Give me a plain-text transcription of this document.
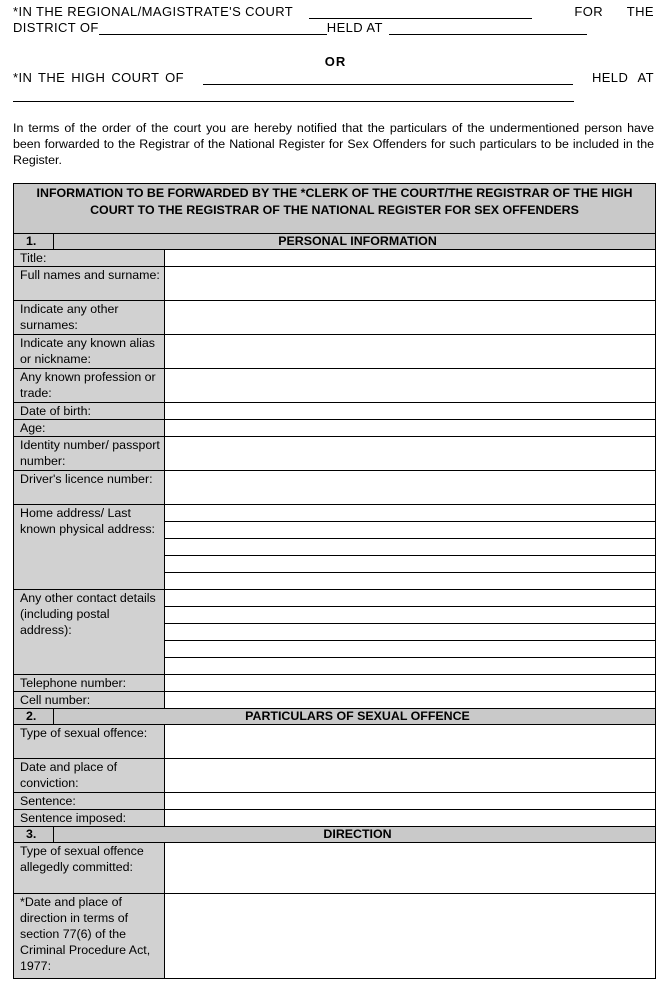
*IN THE REGIONAL/MAGISTRATE'S COURT	FOR THE
DISTRICT OF	HELD AT
OR
*IN THE HIGH COURT OF	HELD AT
In terms of the order of the court you are hereby notified that the particulars of the undermentioned person have been forwarded to the Registrar of the National Register for Sex Offenders for such particulars to be included in the Register.
INFORMATION TO BE FORWARDED BY THE *CLERK OF THE COURT/THE REGISTRAR OF THE HIGH COURT TO THE REGISTRAR OF THE NATIONAL REGISTER FOR SEX OFFENDERS		
1.	PERSONAL INFORMATION	
Title:		
Full names and surname:		
Indicate any other surnames:		
Indicate any known alias or nickname:		
Any known profession or trade:		
Date of birth:		
Age:		
Identity number/ passport number:		
Driver's licence number:		
Home address/ Last known physical address:		

Any other contact details (including postal address):		

Telephone number:		
Cell number:		
2.	PARTICULARS OF SEXUAL OFFENCE	
Type of sexual offence:		
Date and place of conviction:		
Sentence:		
Sentence imposed:		
3.	DIRECTION	
Type of sexual offence allegedly committed:		
*Date and place of direction in terms of section 77(6) of the Criminal Procedure Act, 1977:		
